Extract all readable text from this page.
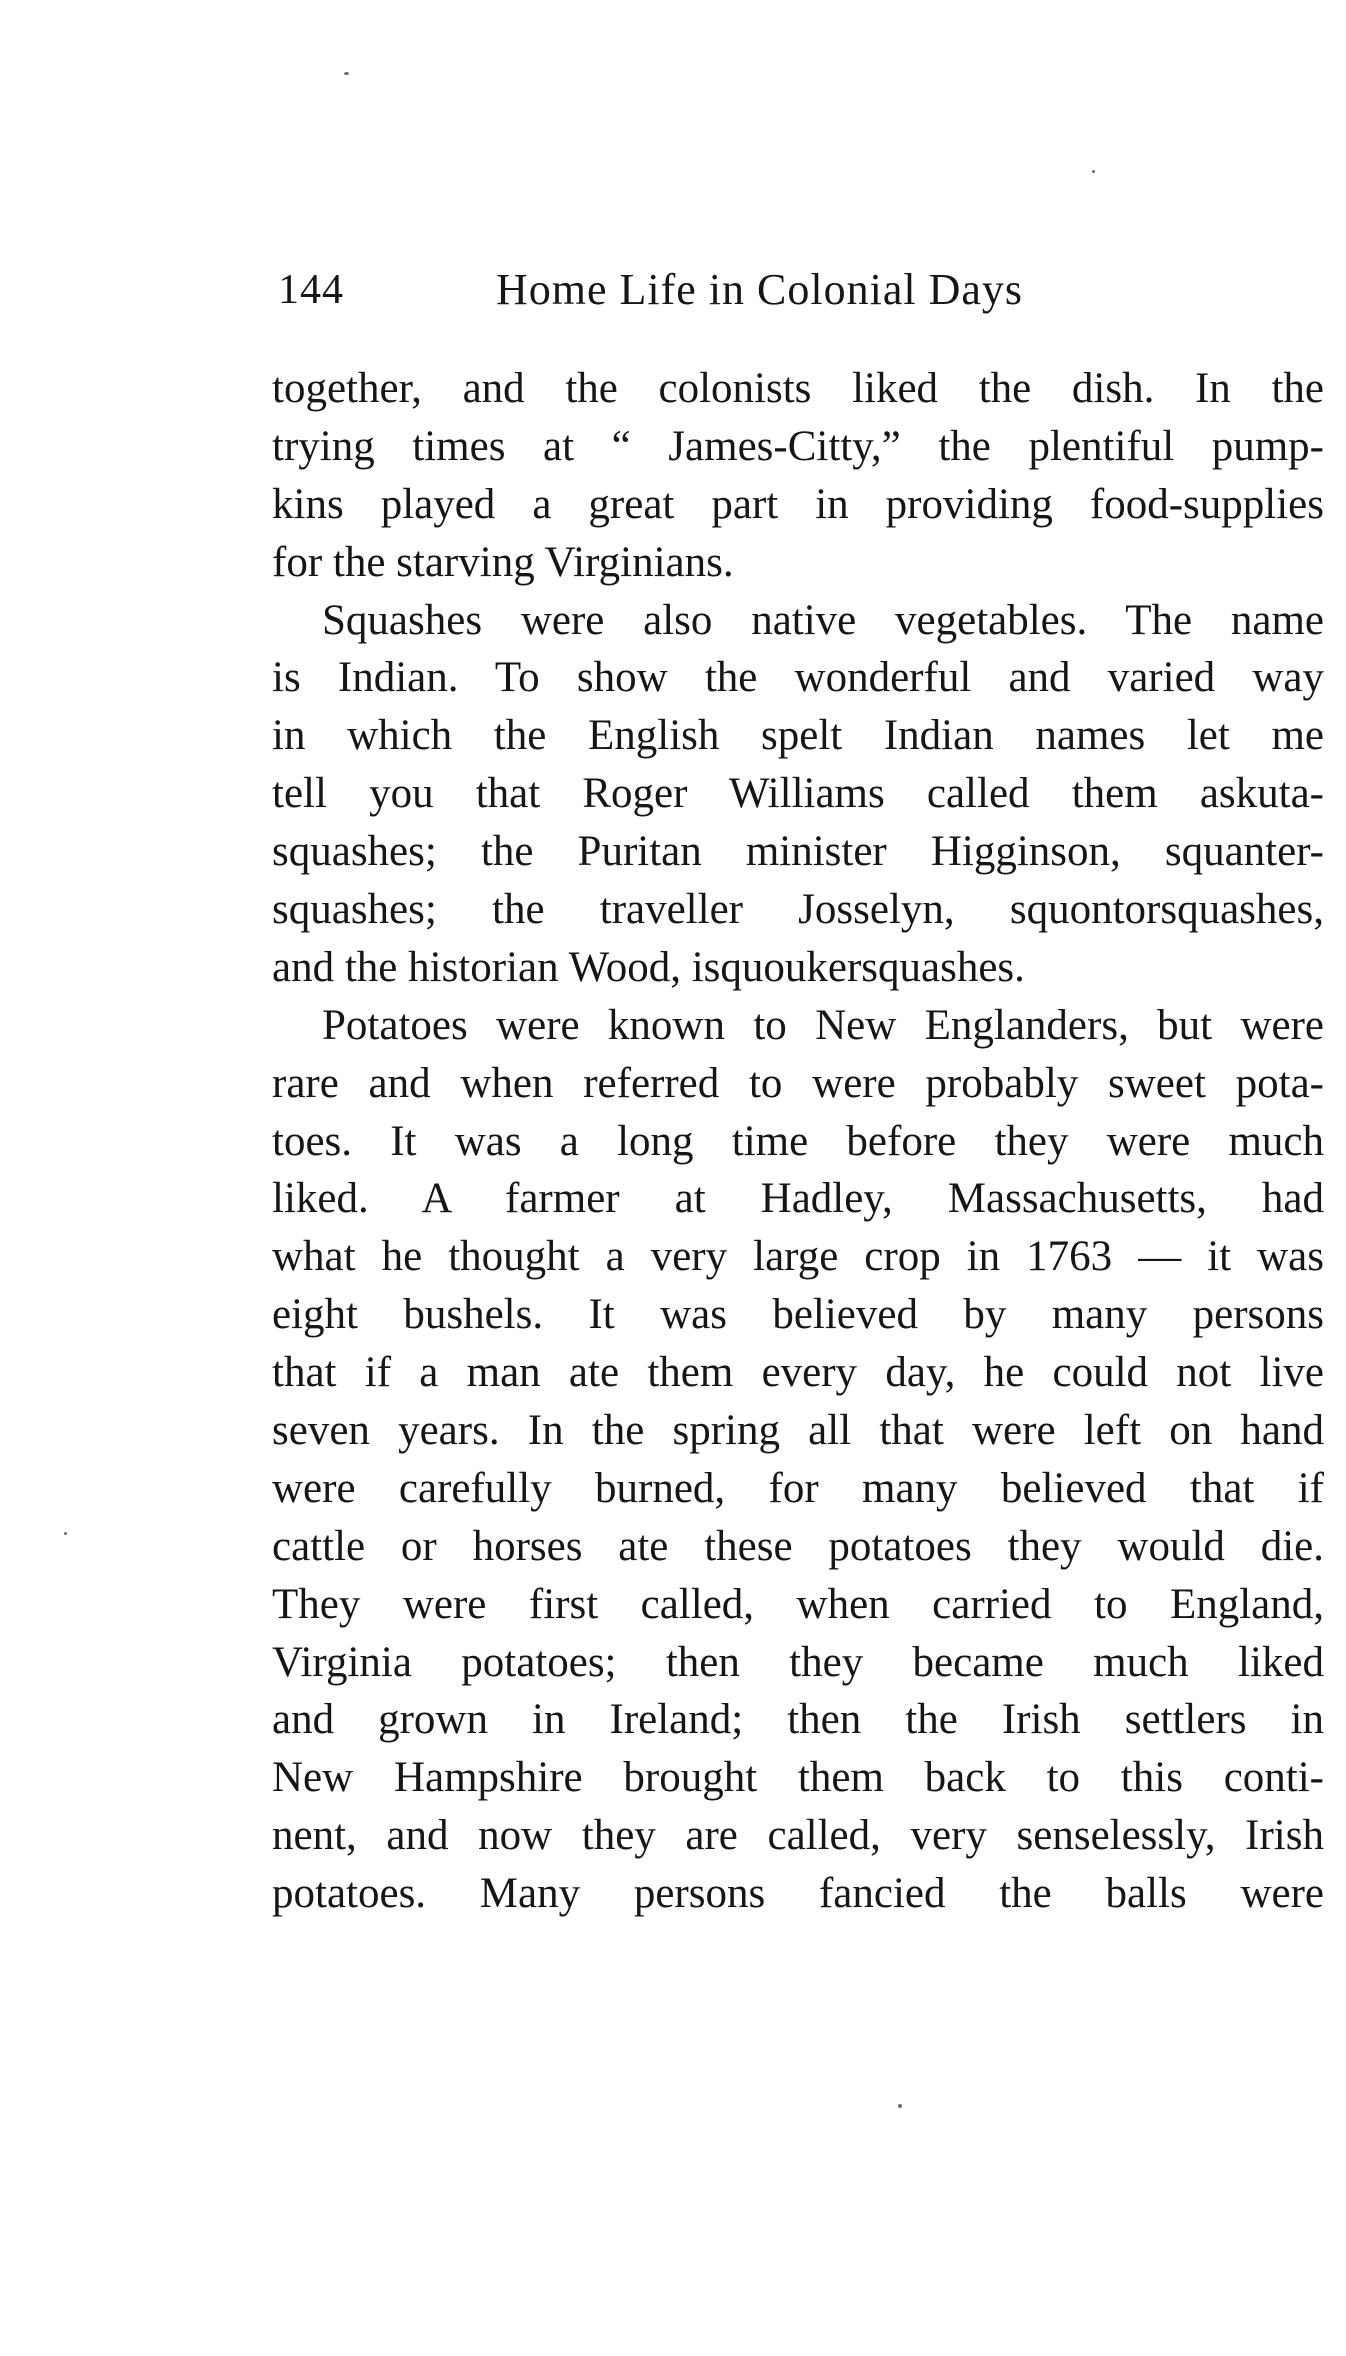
144	Home Life in Colonial Days
together, and the colonists liked the dish. In the
trying times at “ James-Citty,” the plentiful pump-
kins played a great part in providing food-supplies
for the starving Virginians.
Squashes were also native vegetables. The name
is Indian. To show the wonderful and varied way
in which the English spelt Indian names let me
tell you that Roger Williams called them askuta-
squashes; the Puritan minister Higginson, squanter-
squashes; the traveller Josselyn, squontorsquashes,
and the historian Wood, isquoukersquashes.
Potatoes were known to New Englanders, but were
rare and when referred to were probably sweet pota-
toes. It was a long time before they were much
liked. A farmer at Hadley, Massachusetts, had
what he thought a very large crop in 1763 — it was
eight bushels. It was believed by many persons
that if a man ate them every day, he could not live
seven years. In the spring all that were left on hand
were carefully burned, for many believed that if
cattle or horses ate these potatoes they would die.
They were first called, when carried to England,
Virginia potatoes; then they became much liked
and grown in Ireland; then the Irish settlers in
New Hampshire brought them back to this conti-
nent, and now they are called, very senselessly, Irish
potatoes. Many persons fancied the balls were
